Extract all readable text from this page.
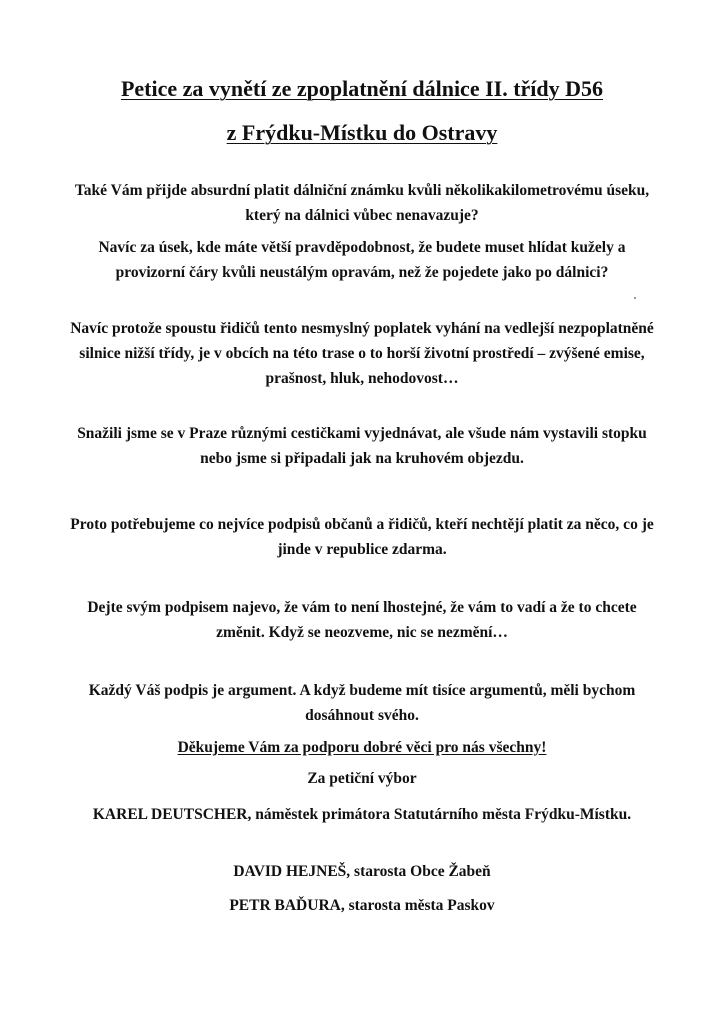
Petice za vynětí ze zpoplatnění dálnice II. třídy D56
z Frýdku-Místku do Ostravy

Také Vám přijde absurdní platit dálniční známku kvůli několikakilometrovému úseku, který na dálnici vůbec nenavazuje?

Navíc za úsek, kde máte větší pravděpodobnost, že budete muset hlídat kužely a provizorní čáry kvůli neustálým opravám, než že pojedete jako po dálnici?

Navíc protože spoustu řidičů tento nesmyslný poplatek vyhání na vedlejší nezpoplatněné silnice nižší třídy, je v obcích na této trase o to horší životní prostředí – zvýšené emise, prašnost, hluk, nehodovost…

Snažili jsme se v Praze různými cestičkami vyjednávat, ale všude nám vystavili stopku nebo jsme si připadali jak na kruhovém objezdu.

Proto potřebujeme co nejvíce podpisů občanů a řidičů, kteří nechtějí platit za něco, co je jinde v republice zdarma.

Dejte svým podpisem najevo, že vám to není lhostejné, že vám to vadí a že to chcete změnit. Když se neozveme, nic se nezmění…

Každý Váš podpis je argument. A když budeme mít tisíce argumentů, měli bychom dosáhnout svého.

Děkujeme Vám za podporu dobré věci pro nás všechny!

Za petiční výbor

KAREL DEUTSCHER, náměstek primátora Statutárního města Frýdku-Místku.

DAVID HEJNEŠ, starosta Obce Žabeň

PETR BAĎURA, starosta města Paskov
